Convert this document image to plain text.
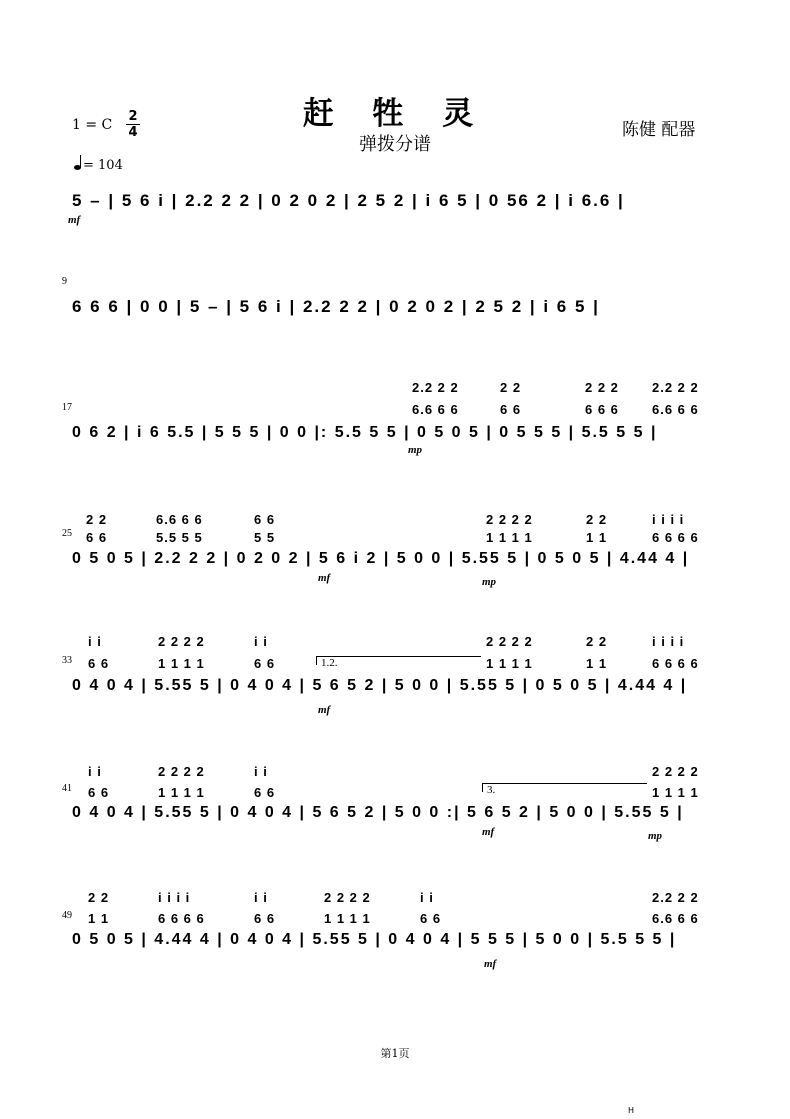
赶 牲 灵
弹拨分谱
陈健 配器
1 = C
2
4
= 104
5 – | 5 6 i | 2.2 2 2 | 0 2 0 2 | 2 5 2 | i 6 5 | 0 56 2 | i 6.6 |
mf
9
6 6 6 | 0 0 | 5 – | 5 6 i | 2.2 2 2 | 0 2 0 2 | 2 5 2 | i 6 5 |
17
2.2 2 2	2 2	2 2 2	2.2 2 2
6.6 6 6	6 6	6 6 6	6.6 6 6
0 6 2 | i 6 5.5 | 5 5 5 | 0 0 |: 5.5 5 5 | 0 5 0 5 | 0 5 5 5 | 5.5 5 5 |
mp
25
2 2	6.6 6 6	6 6	2 2 2 2	2 2	i i i i
6 6	5.5 5 5	5 5	1 1 1 1	1 1	6 6 6 6
0 5 0 5 | 2.2 2 2 | 0 2 0 2 | 5 6 i 2 | 5 0 0 | 5.55 5 | 0 5 0 5 | 4.44 4 |
mf	mp
33	1.2.
i i	2 2 2 2	i i	2 2 2 2	2 2	i i i i
6 6	1 1 1 1	6 6	1 1 1 1	1 1	6 6 6 6
0 4 0 4 | 5.55 5 | 0 4 0 4 | 5 6 5 2 | 5 0 0 | 5.55 5 | 0 5 0 5 | 4.44 4 |
mf
41	3.
i i	2 2 2 2	i i	2 2 2 2
6 6	1 1 1 1	6 6	1 1 1 1
0 4 0 4 | 5.55 5 | 0 4 0 4 | 5 6 5 2 | 5 0 0 :| 5 6 5 2 | 5 0 0 | 5.55 5 |
mf	mp
49
2 2	i i i i	i i	2 2 2 2	i i	2.2 2 2
1 1	6 6 6 6	6 6	1 1 1 1	6 6	6.6 6 6
0 5 0 5 | 4.44 4 | 0 4 0 4 | 5.55 5 | 0 4 0 4 | 5 5 5 | 5 0 0 | 5.5 5 5 |
mf
第1页
H
